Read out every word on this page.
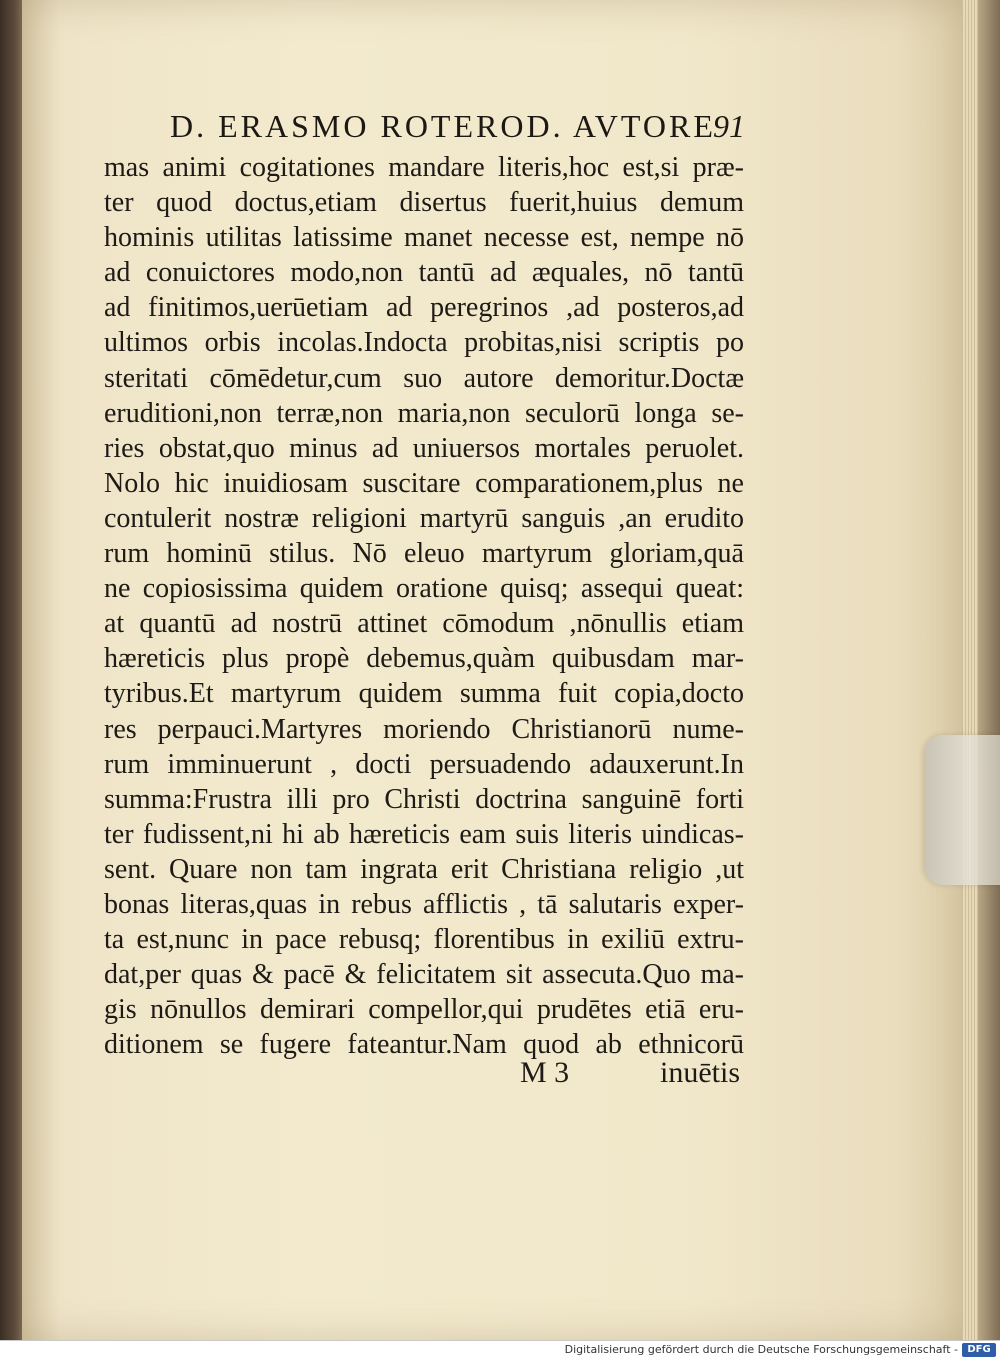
D. ERASMO ROTEROD. AVTORE
91
mas animi cogitationes mandare literis,hoc est,si præ-
ter quod doctus,etiam disertus fuerit,huius demum
hominis utilitas latissime manet necesse est, nempe nō
ad conuictores modo,non tantū ad æquales, nō tantū
ad finitimos,uerūetiam ad peregrinos ,ad posteros,ad
ultimos orbis incolas.Indocta probitas,nisi scriptis po
steritati cōmēdetur,cum suo autore demoritur.Doctæ
eruditioni,non terræ,non maria,non seculorū longa se-
ries obstat,quo minus ad uniuersos mortales peruolet.
Nolo hic inuidiosam suscitare comparationem,plus ne
contulerit nostræ religioni martyrū sanguis ,an erudito
rum hominū stilus. Nō eleuo martyrum gloriam,quā
ne copiosissima quidem oratione quisq; assequi queat:
at quantū ad nostrū attinet cōmodum ,nōnullis etiam
hæreticis plus propè debemus,quàm quibusdam mar-
tyribus.Et martyrum quidem summa fuit copia,docto
res perpauci.Martyres moriendo Christianorū nume-
rum imminuerunt , docti persuadendo adauxerunt.In
summa:Frustra illi pro Christi doctrina sanguinē forti
ter fudissent,ni hi ab hæreticis eam suis literis uindicas-
sent. Quare non tam ingrata erit Christiana religio ,ut
bonas literas,quas in rebus afflictis , tā salutaris exper-
ta est,nunc in pace rebusq; florentibus in exiliū extru-
dat,per quas & pacē & felicitatem sit assecuta.Quo ma-
gis nōnullos demirari compellor,qui prudētes etiā eru-
ditionem se fugere fateantur.Nam quod ab ethnicorū
M 3	inuētis
Digitalisierung gefördert durch die Deutsche Forschungsgemeinschaft - DFG
